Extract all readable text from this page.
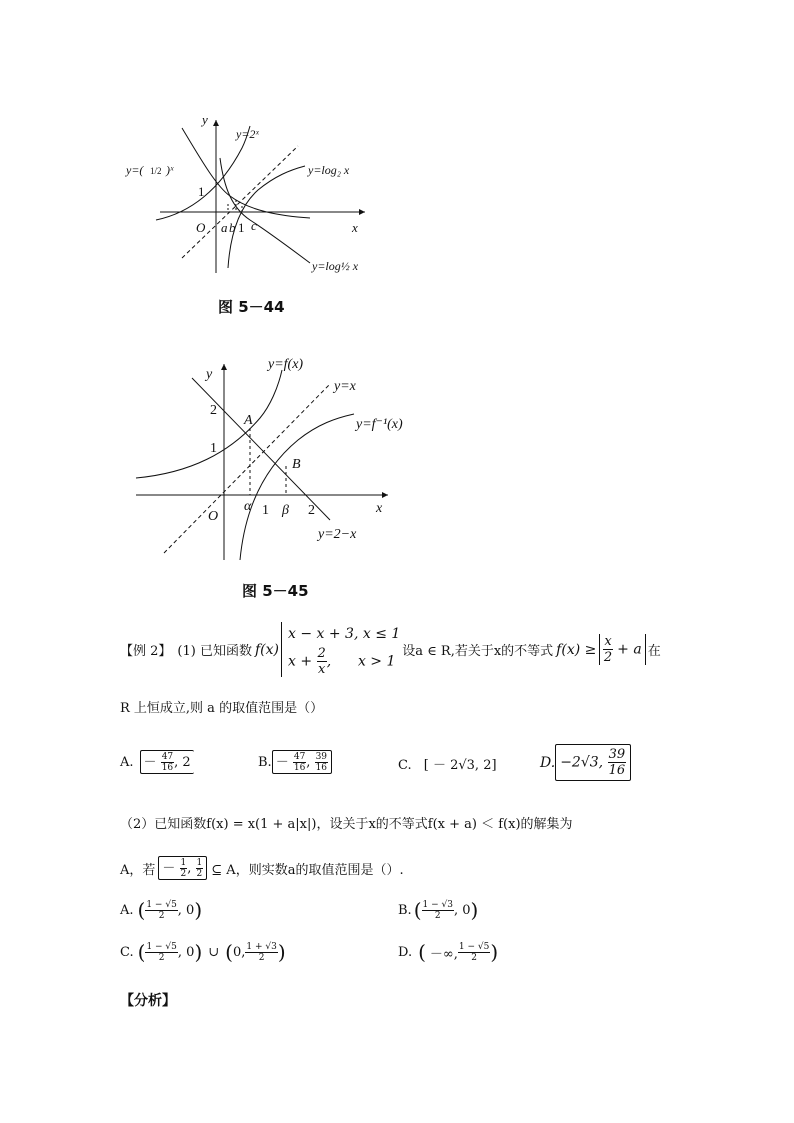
y
x
O a b 1 c
1
y=2ˣ
y=( 1/2 )ˣ	y=log₂ x
y=log½ x
图 5－44
y
x
O
2
1
α 1 β 2
A
B
y=f(x)
y=x
y=f⁻¹(x)
y=2−x
图 5－45
【例 2】 (1) 已知函数 f(x)
x − x + 3, x ≤ 1
$x + \frac{2}{x}$ ,      x > 1
设a ∈ R,若关于x的不等式 $f(x) \ge \frac{x}{2} + a$ 在
R 上恒成立,则 a 的取值范围是（）
A. － $\frac{47}{16}$ , 2	B. － $\frac{47}{16}$ , $\frac{39}{16}$	C. [ － 2√3, 2]	D. −2√3, $\frac{39}{16}$
（2）已知函数f(x) = x(1 + a|x|)，设关于x的不等式f(x + a) ＜ f(x)的解集为
A，若 － $\frac{1}{2}$ , $\frac{1}{2}$ ⊆ A，则实数a的取值范围是（）.
A. ( $\frac{1 - √5}{2}$ , 0 )	B. ( $\frac{1 - √3}{2}$ , 0 )
C. ( $\frac{1 - √5}{2}$ , 0 ) ∪ ( 0, $\frac{1 + √3}{2}$ )	D. ( －∞, $\frac{1 - √5}{2}$ )
【分析】
